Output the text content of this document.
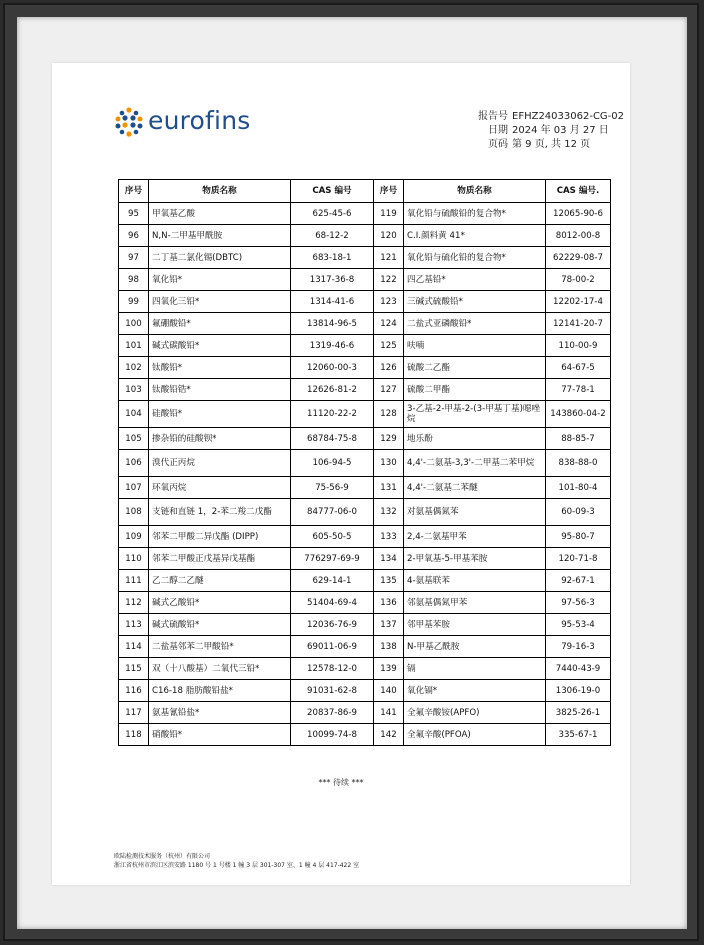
eurofins	报告号 EFHZ24033062-CG-02
日期 2024 年 03 月 27 日
页码 第 9 页, 共 12 页
序号	物质名称	CAS 编号	序号	物质名称	CAS 编号.
95	甲氧基乙酸	625-45-6	119	氧化铅与硫酸铅的复合物*	12065-90-6
96	N,N-二甲基甲酰胺	68-12-2	120	C.I.颜料黄 41*	8012-00-8
97	二丁基二氯化锡(DBTC)	683-18-1	121	氧化铅与硫化铅的复合物*	62229-08-7
98	氧化铅*	1317-36-8	122	四乙基铅*	78-00-2
99	四氧化三铅*	1314-41-6	123	三碱式硫酸铅*	12202-17-4
100	氟硼酸铅*	13814-96-5	124	二盐式亚磷酸铅*	12141-20-7
101	碱式碳酸铅*	1319-46-6	125	呋喃	110-00-9
102	钛酸铅*	12060-00-3	126	硫酸二乙酯	64-67-5
103	钛酸铅锆*	12626-81-2	127	硫酸二甲酯	77-78-1
104	硅酸铅*	11120-22-2	128	3-乙基-2-甲基-2-(3-甲基丁基)噁唑烷	143860-04-2
105	掺杂铅的硅酸钡*	68784-75-8	129	地乐酚	88-85-7
106	溴代正丙烷	106-94-5	130	4,4'-二氨基-3,3'-二甲基二苯甲烷	838-88-0
107	环氧丙烷	75-56-9	131	4,4'-二氨基二苯醚	101-80-4
108	支链和直链 1，2-苯二羧二戊酯	84777-06-0	132	对氨基偶氮苯	60-09-3
109	邻苯二甲酸二异戊酯 (DIPP)	605-50-5	133	2,4-二氨基甲苯	95-80-7
110	邻苯二甲酸正戊基异戊基酯	776297-69-9	134	2-甲氧基-5-甲基苯胺	120-71-8
111	乙二醇二乙醚	629-14-1	135	4-氨基联苯	92-67-1
112	碱式乙酸铅*	51404-69-4	136	邻氨基偶氮甲苯	97-56-3
113	碱式硫酸铅*	12036-76-9	137	邻甲基苯胺	95-53-4
114	二盐基邻苯二甲酸铅*	69011-06-9	138	N-甲基乙酰胺	79-16-3
115	双（十八酸基）二氧代三铅*	12578-12-0	139	镉	7440-43-9
116	C16-18 脂肪酸铅盐*	91031-62-8	140	氧化镉*	1306-19-0
117	氨基氰铅盐*	20837-86-9	141	全氟辛酸铵(APFO)	3825-26-1
118	硝酸铅*	10099-74-8	142	全氟辛酸(PFOA)	335-67-1
*** 待续 ***
欧陆检测技术服务（杭州）有限公司
浙江省杭州市滨江区滨安路 1180 号 1 号楼 1 幢 3 层 301-307 室、1 幢 4 层 417-422 室
